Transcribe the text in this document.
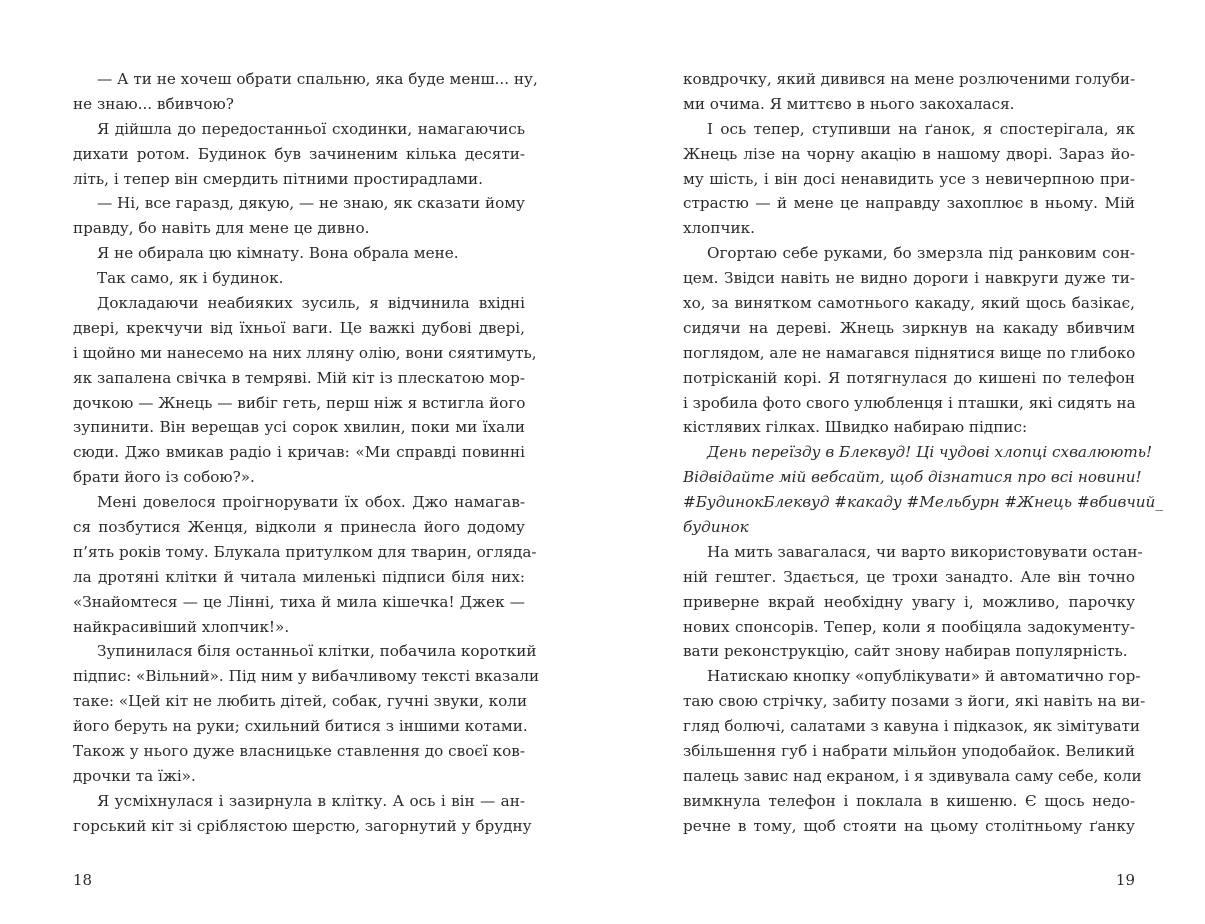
— А ти не хочеш обрати спальню, яка буде менш... ну,
не знаю... вбивчою?
Я дійшла до передостанньої сходинки, намагаючись
дихати ротом. Будинок був зачиненим кілька десяти-
літь, і тепер він смердить пітними простирадлами.
— Ні, все гаразд, дякую, — не знаю, як сказати йому
правду, бо навіть для мене це дивно.
Я не обирала цю кімнату. Вона обрала мене.
Так само, як і будинок.
Докладаючи неабияких зусиль, я відчинила вхідні
двері, крекчучи від їхньої ваги. Це важкі дубові двері,
і щойно ми нанесемо на них лляну олію, вони сяятимуть,
як запалена свічка в темряві. Мій кіт із плескатою мор-
дочкою — Жнець — вибіг геть, перш ніж я встигла його
зупинити. Він верещав усі сорок хвилин, поки ми їхали
сюди. Джо вмикав радіо і кричав: «Ми справді повинні
брати його із собою?».
Мені довелося проігнорувати їх обох. Джо намагав-
ся позбутися Женця, відколи я принесла його додому
п’ять років тому. Блукала притулком для тварин, огляда-
ла дротяні клітки й читала миленькі підписи біля них:
«Знайомтеся — це Лінні, тиха й мила кішечка! Джек —
найкрасивіший хлопчик!».
Зупинилася біля останньої клітки, побачила короткий
підпис: «Вільний». Під ним у вибачливому тексті вказали
таке: «Цей кіт не любить дітей, собак, гучні звуки, коли
його беруть на руки; схильний битися з іншими котами.
Також у нього дуже власницьке ставлення до своєї ков-
дрочки та їжі».
Я усміхнулася і зазирнула в клітку. А ось і він — ан-
горський кіт зі сріблястою шерстю, загорнутий у брудну
ковдрочку, який дивився на мене розлюченими голуби-
ми очима. Я миттєво в нього закохалася.
І ось тепер, ступивши на ґанок, я спостерігала, як
Жнець лізе на чорну акацію в нашому дворі. Зараз йо-
му шість, і він досі ненавидить усе з невичерпною при-
страстю — й мене це направду захоплює в ньому. Мій
хлопчик.
Огортаю себе руками, бо змерзла під ранковим сон-
цем. Звідси навіть не видно дороги і навкруги дуже ти-
хо, за винятком самотнього какаду, який щось базікає,
сидячи на дереві. Жнець зиркнув на какаду вбивчим
поглядом, але не намагався піднятися вище по глибоко
потрісканій корі. Я потягнулася до кишені по телефон
і зробила фото свого улюбленця і пташки, які сидять на
кістлявих гілках. Швидко набираю підпис:
День переїзду в Блеквуд! Ці чудові хлопці схвалюють!
Відвідайте мій вебсайт, щоб дізнатися про всі новини!
#БудинокБлеквуд #какаду #Мельбурн #Жнець #вбивчий_
будинок
На мить завагалася, чи варто використовувати остан-
ній гештег. Здається, це трохи занадто. Але він точно
приверне вкрай необхідну увагу і, можливо, парочку
нових спонсорів. Тепер, коли я пообіцяла задокументу-
вати реконструкцію, сайт знову набирав популярність.
Натискаю кнопку «опублікувати» й автоматично гор-
таю свою стрічку, забиту позами з йоги, які навіть на ви-
гляд болючі, салатами з кавуна і підказок, як зімітувати
збільшення губ і набрати мільйон уподобайок. Великий
палець завис над екраном, і я здивувала саму себе, коли
вимкнула телефон і поклала в кишеню. Є щось недо-
речне в тому, щоб стояти на цьому столітньому ґанку
18	19
